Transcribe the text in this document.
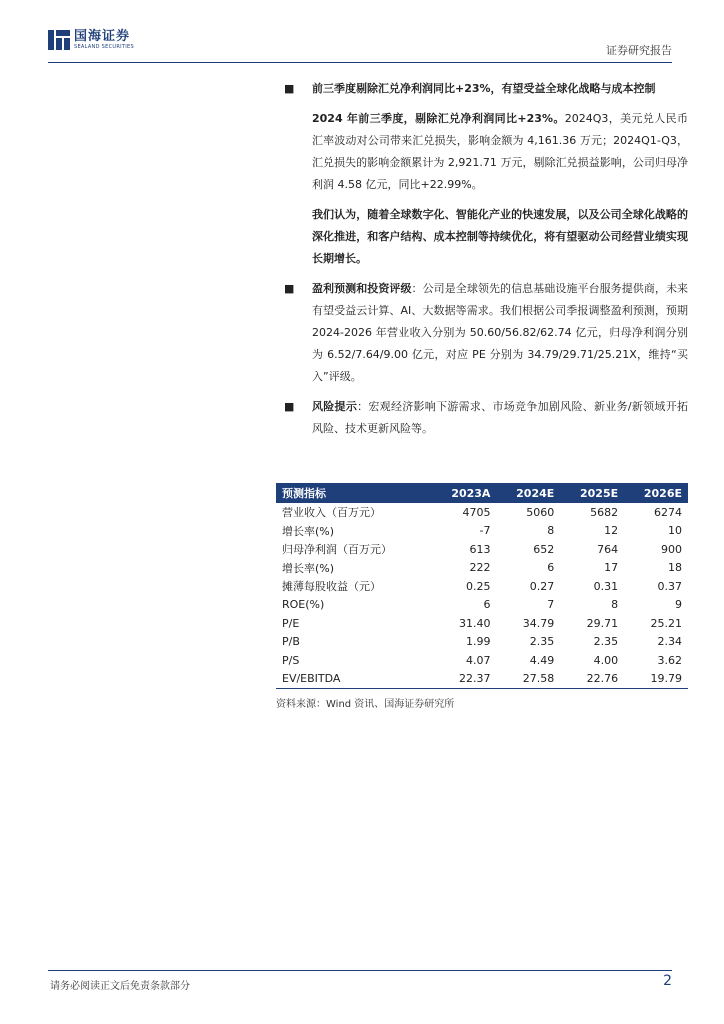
国海证券
SEALAND SECURITIES	证券研究报告

■ 前三季度剔除汇兑净利润同比+23%，有望受益全球化战略与成本控制

2024 年前三季度，剔除汇兑净利润同比+23%。2024Q3，美元兑人民币汇率波动对公司带来汇兑损失，影响金额为 4,161.36 万元；2024Q1-Q3，汇兑损失的影响金额累计为 2,921.71 万元，剔除汇兑损益影响，公司归母净利润 4.58 亿元，同比+22.99%。

我们认为，随着全球数字化、智能化产业的快速发展，以及公司全球化战略的深化推进，和客户结构、成本控制等持续优化，将有望驱动公司经营业绩实现长期增长。

■ 盈利预测和投资评级：公司是全球领先的信息基础设施平台服务提供商，未来有望受益云计算、AI、大数据等需求。我们根据公司季报调整盈利预测，预期 2024-2026 年营业收入分别为 50.60/56.82/62.74 亿元，归母净利润分别为 6.52/7.64/9.00 亿元，对应 PE 分别为 34.79/29.71/25.21X，维持“买入”评级。

■ 风险提示：宏观经济影响下游需求、市场竞争加剧风险、新业务/新领域开拓风险、技术更新风险等。

预测指标	2023A	2024E	2025E	2026E
营业收入（百万元）	4705	5060	5682	6274
增长率(%)	-7	8	12	10
归母净利润（百万元）	613	652	764	900
增长率(%)	222	6	17	18
摊薄每股收益（元）	0.25	0.27	0.31	0.37
ROE(%)	6	7	8	9
P/E	31.40	34.79	29.71	25.21
P/B	1.99	2.35	2.35	2.34
P/S	4.07	4.49	4.00	3.62
EV/EBITDA	22.37	27.58	22.76	19.79
资料来源：Wind 资讯、国海证券研究所
请务必阅读正文后免责条款部分	2
